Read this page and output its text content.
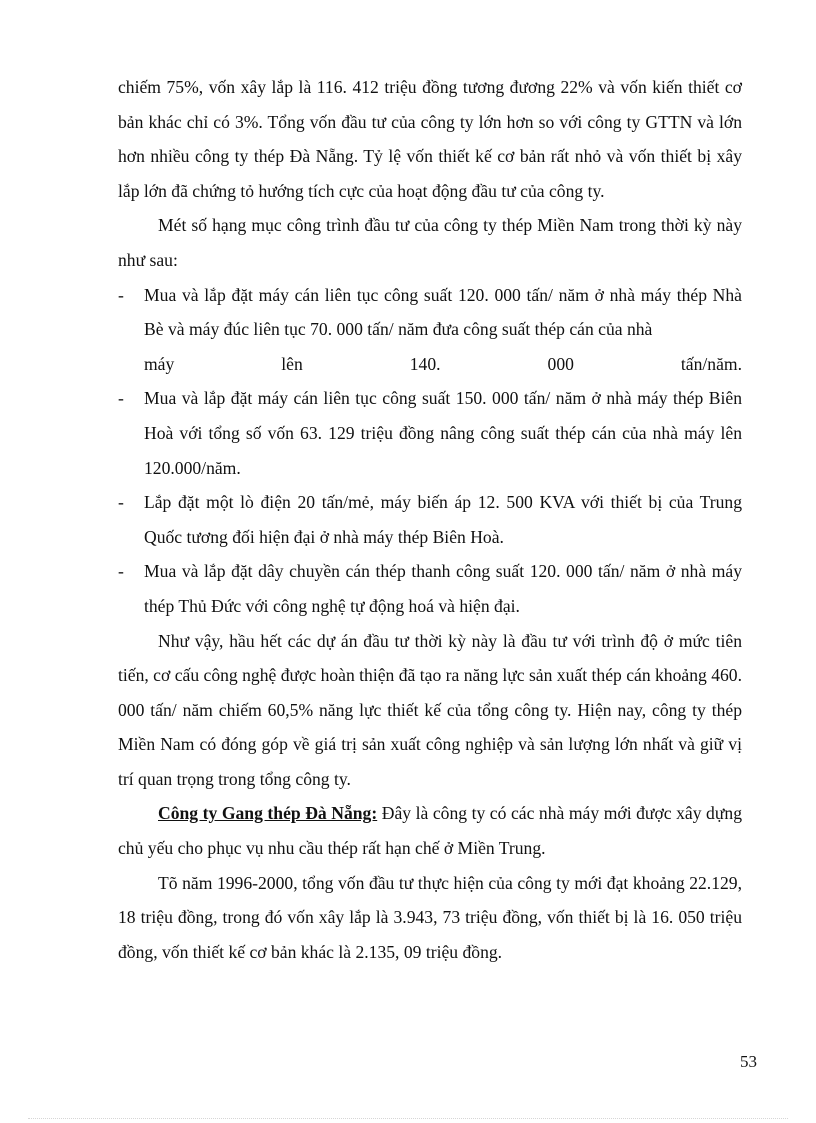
chiếm 75%, vốn xây lắp là 116. 412 triệu đồng tương đương 22% và vốn kiến thiết cơ bản khác chỉ có 3%. Tổng vốn đầu tư của công ty lớn hơn so với công ty GTTN và lớn hơn nhiều công ty thép Đà Nẵng. Tỷ lệ vốn thiết kế cơ bản rất nhỏ và vốn thiết bị xây lắp lớn đã chứng tỏ hướng tích cực của hoạt động đầu tư của công ty.

Mét số hạng mục công trình đầu tư của công ty thép Miền Nam trong thời kỳ này như sau:

-	Mua và lắp đặt máy cán liên tục công suất 120. 000 tấn/ năm ở nhà máy thép Nhà Bè và máy đúc liên tục 70. 000 tấn/ năm đưa công suất thép cán của nhà
máy lên 140. 000 tấn/năm.
-	Mua và lắp đặt máy cán liên tục công suất 150. 000 tấn/ năm ở nhà máy thép Biên Hoà với tổng số vốn 63. 129 triệu đồng nâng công suất thép cán của nhà máy lên 120.000/năm.
-	Lắp đặt một lò điện 20 tấn/mẻ, máy biến áp 12. 500 KVA với thiết bị của Trung Quốc tương đối hiện đại ở nhà máy thép Biên Hoà.
-	Mua và lắp đặt dây chuyền cán thép thanh công suất 120. 000 tấn/ năm ở nhà máy thép Thủ Đức với công nghệ tự động hoá và hiện đại.

Như vậy, hầu hết các dự án đầu tư thời kỳ này là đầu tư với trình độ ở mức tiên tiến, cơ cấu công nghệ được hoàn thiện đã tạo ra năng lực sản xuất thép cán khoảng 460. 000 tấn/ năm chiếm 60,5% năng lực thiết kế của tổng công ty. Hiện nay, công ty thép Miền Nam có đóng góp về giá trị sản xuất công nghiệp và sản lượng lớn nhất và giữ vị trí quan trọng trong tổng công ty.

Công ty Gang thép Đà Nẵng: Đây là công ty có các nhà máy mới được xây dựng chủ yếu cho phục vụ nhu cầu thép rất hạn chế ở Miền Trung.

Tõ năm 1996-2000, tổng vốn đầu tư thực hiện của công ty mới đạt khoảng 22.129, 18 triệu đồng, trong đó vốn xây lắp là 3.943, 73 triệu đồng, vốn thiết bị là 16. 050 triệu đồng, vốn thiết kế cơ bản khác là 2.135, 09 triệu đồng.

53
